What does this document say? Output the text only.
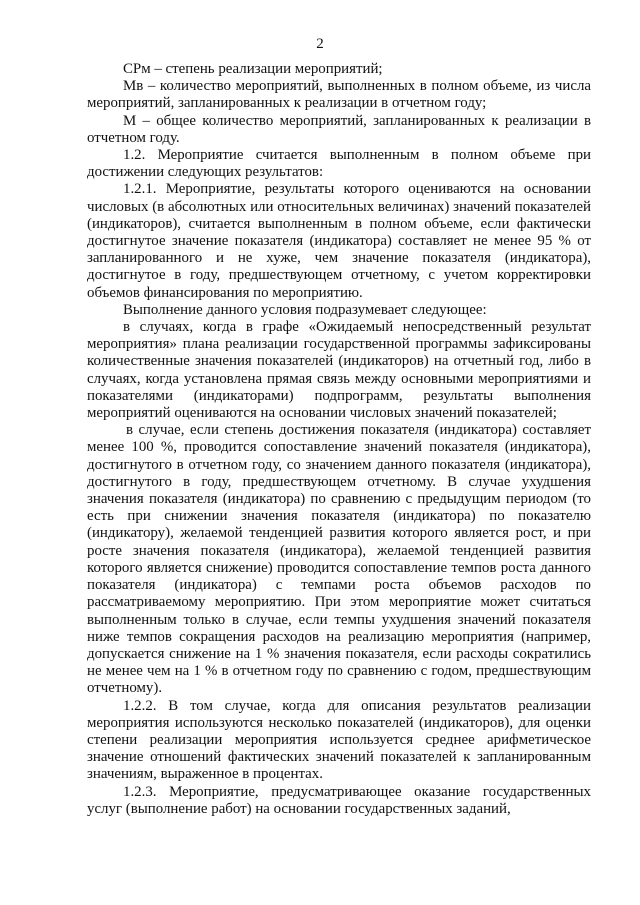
2

СРм – степень реализации мероприятий;

Мв – количество мероприятий, выполненных в полном объеме, из числа мероприятий, запланированных к реализации в отчетном году;

М – общее количество мероприятий, запланированных к реализации в отчетном году.

1.2. Мероприятие считается выполненным в полном объеме при достижении следующих результатов:

1.2.1. Мероприятие, результаты которого оцениваются на основании числовых (в абсолютных или относительных величинах) значений показателей (индикаторов), считается выполненным в полном объеме, если фактически достигнутое значение показателя (индикатора) составляет не менее 95 % от запланированного и не хуже, чем значение показателя (индикатора), достигнутое в году, предшествующем отчетному, с учетом корректировки объемов финансирования по мероприятию.

Выполнение данного условия подразумевает следующее:

в случаях, когда в графе «Ожидаемый непосредственный результат мероприятия» плана реализации государственной программы зафиксированы количественные значения показателей (индикаторов) на отчетный год, либо в случаях, когда установлена прямая связь между основными мероприятиями и показателями (индикаторами) подпрограмм, результаты выполнения мероприятий оцениваются на основании числовых значений показателей;

в случае, если степень достижения показателя (индикатора) составляет менее 100 %, проводится сопоставление значений показателя (индикатора), достигнутого в отчетном году, со значением данного показателя (индикатора), достигнутого в году, предшествующем отчетному. В случае ухудшения значения показателя (индикатора) по сравнению с предыдущим периодом (то есть при снижении значения показателя (индикатора) по показателю (индикатору), желаемой тенденцией развития которого является рост, и при росте значения показателя (индикатора), желаемой тенденцией развития которого является снижение) проводится сопоставление темпов роста данного показателя (индикатора) с темпами роста объемов расходов по рассматриваемому мероприятию. При этом мероприятие может считаться выполненным только в случае, если темпы ухудшения значений показателя ниже темпов сокращения расходов на реализацию мероприятия (например, допускается снижение на 1 % значения показателя, если расходы сократились не менее чем на 1 % в отчетном году по сравнению с годом, предшествующим отчетному).

1.2.2. В том случае, когда для описания результатов реализации мероприятия используются несколько показателей (индикаторов), для оценки степени реализации мероприятия используется среднее арифметическое значение отношений фактических значений показателей к запланированным значениям, выраженное в процентах.

1.2.3. Мероприятие, предусматривающее оказание государственных услуг (выполнение работ) на основании государственных заданий,
